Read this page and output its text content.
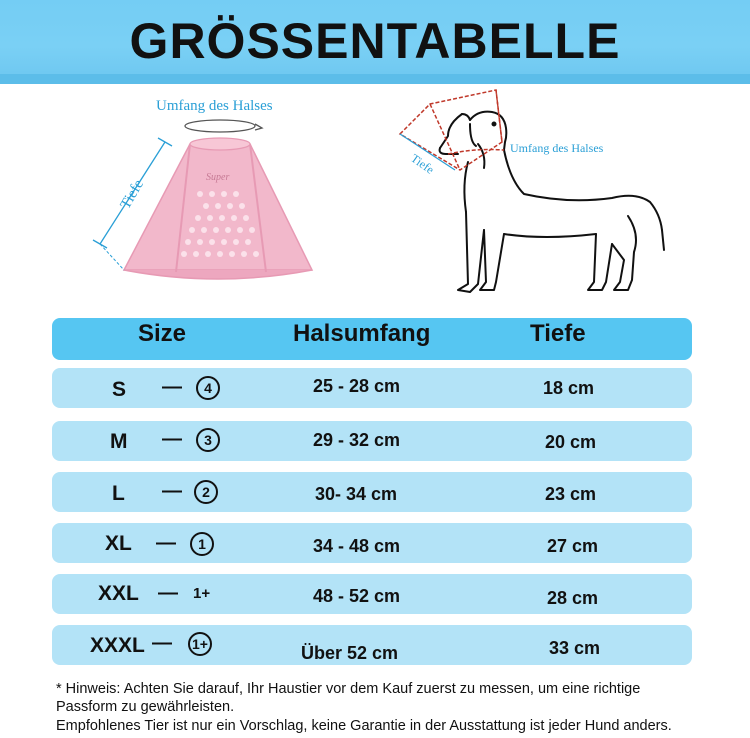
GRÖSSENTABELLE
Umfang des Halses
Tiefe	Super
Umfang des Halses
Tiefe
Size	Halsumfang	Tiefe
S —	4	25 - 28 cm	18 cm
M —	3	29 - 32 cm	20 cm
L —	2	30- 34 cm	23 cm
XL —	1	34 - 48 cm	27 cm
XXL — 1+	48 - 52 cm	28 cm
XXXL — 1+	Über 52 cm	33 cm
* Hinweis: Achten Sie darauf, Ihr Haustier vor dem Kauf zuerst zu messen, um eine richtige
Passform zu gewährleisten.
Empfohlenes Tier ist nur ein Vorschlag, keine Garantie in der Ausstattung ist jeder Hund anders.
